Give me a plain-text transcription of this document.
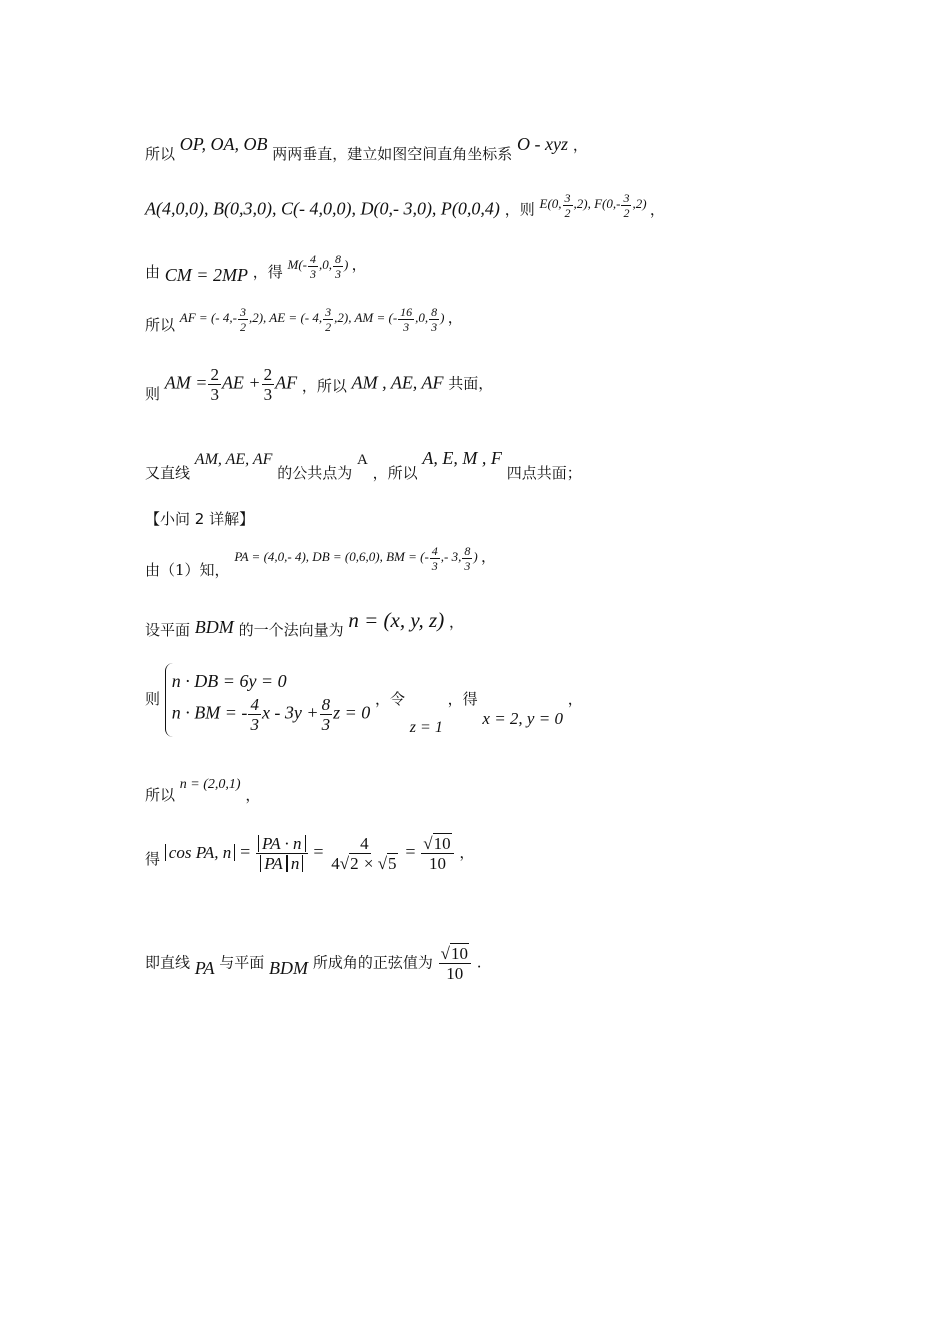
所以 OP, OA, OB 两两垂直，建立如图空间直角坐标系 O - xyz ，
A(4,0,0), B(0,3,0), C(- 4,0,0), D(0,- 3,0), P(0,0,4) ，则 E(0, $\frac{3}{2} ,2$), $F(0,- \frac{3}{2} ,2)$ ，
由 CM = 2MP ，得 $M(- \frac{4}{3} ,0$, $\frac{8}{3}$ ) ，
所以 AF = (- $4,- \frac{3}{2} ,2$), AE = (- 4, $\frac{3}{2} ,2$), AM = (- $\frac{16}{3} ,0$, $\frac{8}{3}$ ) ，
则 AM = $\frac{2}{3}$ AE + $\frac{2}{3}$ AF ，所以 AM , AE, AF 共面，
又直线 AM, AE, AF 的公共点为 A ，所以 A, E, M , F 四点共面；
【小问 2 详解】
由（1）知， PA = (4,0,- 4), DB = (0,6,0), BM = (- $\frac{4}{3}$ ,- 3, $\frac{8}{3}$ ) ，
设平面 BDM 的一个法向量为 n = (x, y, z) ，
则
n · DB = 6y = 0
n · BM = - $\frac{4}{3}$ $x - 3y + \frac{8}{3}$ z = 0
，令 z = 1 ，得 x = 2, y = 0 ，
所以 n = (2,0,1) ，
得 cos PA, $n = \frac{PA \cdot n}{\text{PA n}} = \frac{4}{4√2 \times √5} = \frac{√10}{10}$ ，
即直线 PA 与平面 BDM 所成角的正弦值为 $\frac{√10}{10}$ .
